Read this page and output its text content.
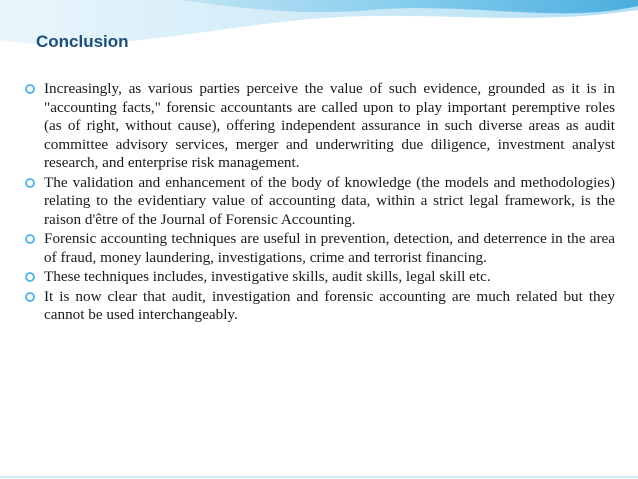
Conclusion
Increasingly, as various parties perceive the value of such evidence, grounded as it is in "accounting facts," forensic accountants are called upon to play important peremptive roles (as of right, without cause), offering independent assurance in such diverse areas as audit committee advisory services, merger and underwriting due diligence, investment analyst research, and enterprise risk management.
The validation and enhancement of the body of knowledge (the models and methodologies) relating to the evidentiary value of accounting data, within a strict legal framework, is the raison d'être of the Journal of Forensic Accounting.
Forensic accounting techniques are useful in prevention, detection, and deterrence in the area of fraud, money laundering, investigations, crime and terrorist financing.
These techniques includes, investigative skills, audit skills, legal skill etc.
It is now clear that audit, investigation and forensic accounting are much related but they cannot be used interchangeably.
